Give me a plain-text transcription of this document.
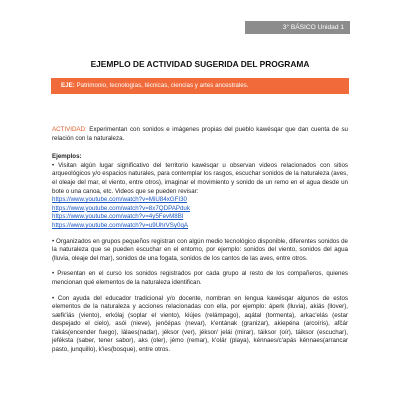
3° BÁSICO Unidad 1
EJEMPLO DE ACTIVIDAD SUGERIDA DEL PROGRAMA
EJE: Patrimonio, tecnologías, técnicas, ciencias y artes ancestrales.

ACTIVIDAD: Experimentan con sonidos e imágenes propias del pueblo kawésqar que dan cuenta de su relación con la naturaleza.

Ejemplos:

• Visitan algún lugar significativo del territorio kawésqar u observan videos relacionados con sitios arqueológicos y/o espacios naturales, para contemplar los rasgos, escuchar sonidos de la naturaleza (aves, el oleaje del mar, el viento, entre otros), imaginar el movimiento y sonido de un remo en el agua desde un bote o una canoa, etc. Videos que se pueden revisar:

https://www.youtube.com/watch?v=MiU84xGFI30
https://www.youtube.com/watch?v=8x7QDPAPduk
https://www.youtube.com/watch?v=4y5FevM8Bl
https://www.youtube.com/watch?v=u9UhrVSy0qA

• Organizados en grupos pequeños registran con algún medio tecnológico disponible, diferentes sonidos de la naturaleza que se pueden escuchar en el entorno, por ejemplo: sonidos del viento, sonidos del agua (lluvia, oleaje del mar), sonidos de una fogata, sonidos de los cantos de las aves, entre otros.

• Presentan en el curso los sonidos registrados por cada grupo al resto de los compañeros, quienes mencionan qué elementos de la naturaleza identifican.

• Con ayuda del educador tradicional y/o docente, nombran en lengua kawésqar algunos de estos elementos de la naturaleza y acciones relacionadas con ella, por ejemplo: áperk (lluvia), akiás (llover), sæfk'iás (viento), erkólaj (soplar el viento), kiújes (relámpago), aqátal (tormenta), arkac'elás (estar despejado el cielo), asói (nieve), jenčépas (nevar), k'entának (granizar), akiepéna (arcoíris), afčár t'akás(encender fuego), lálaes(nadar), jéksor (ver), jéksor/ jelái (mirar), táiksor (oír), táiksor (escuchar), jeféksta (saber, tener sabor), aks (oler), jémo (remar), k'olár (playa), kénnaes/c'apás kénnaes(arrancar pasto, junquillo), k'ies(bosque), entre otros.
